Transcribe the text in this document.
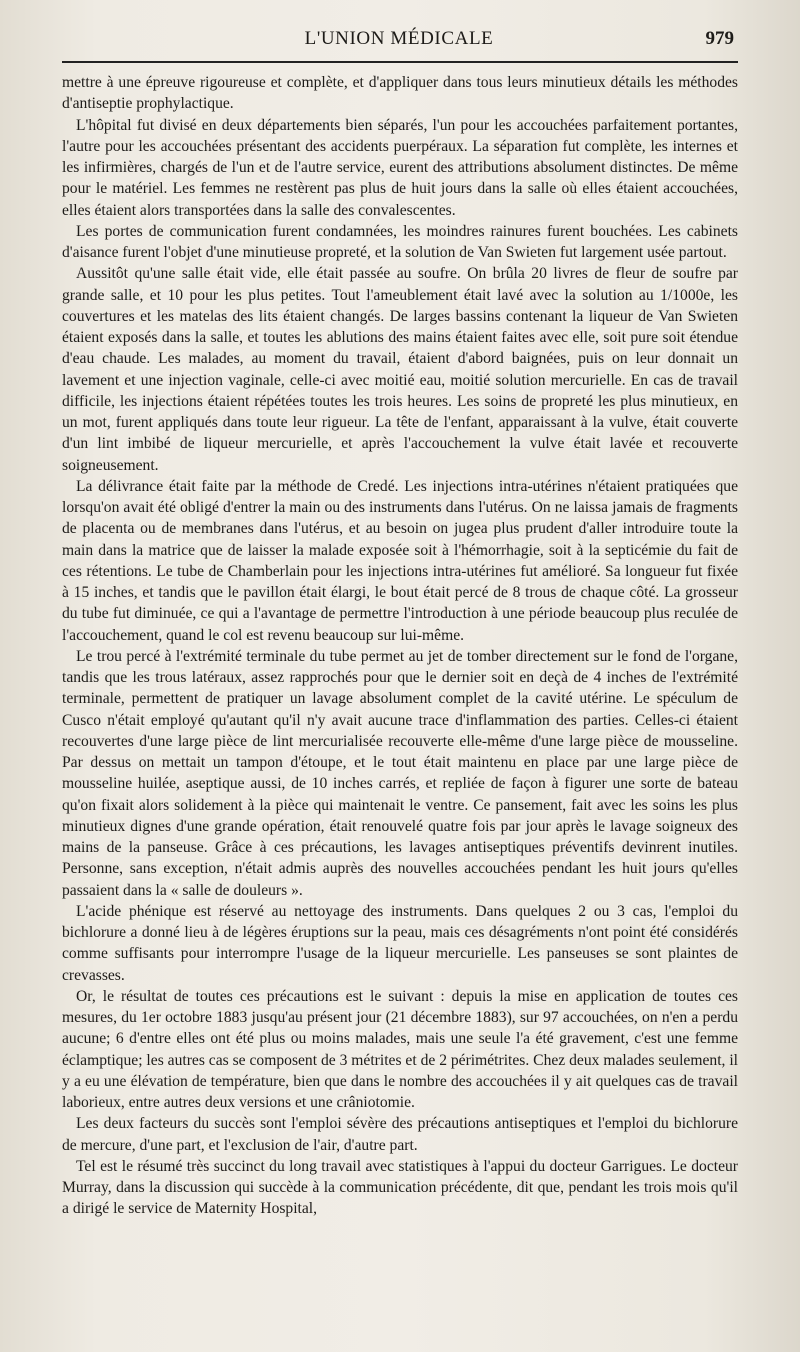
L'UNION MÉDICALE	979

mettre à une épreuve rigoureuse et complète, et d'appliquer dans tous leurs minutieux détails les méthodes d'antiseptie prophylactique.

L'hôpital fut divisé en deux départements bien séparés, l'un pour les accouchées parfaitement portantes, l'autre pour les accouchées présentant des accidents puerpéraux. La séparation fut complète, les internes et les infirmières, chargés de l'un et de l'autre service, eurent des attributions absolument distinctes. De même pour le matériel. Les femmes ne restèrent pas plus de huit jours dans la salle où elles étaient accouchées, elles étaient alors transportées dans la salle des convalescentes.

Les portes de communication furent condamnées, les moindres rainures furent bouchées. Les cabinets d'aisance furent l'objet d'une minutieuse propreté, et la solution de Van Swieten fut largement usée partout.

Aussitôt qu'une salle était vide, elle était passée au soufre. On brûla 20 livres de fleur de soufre par grande salle, et 10 pour les plus petites. Tout l'ameublement était lavé avec la solution au 1/1000e, les couvertures et les matelas des lits étaient changés. De larges bassins contenant la liqueur de Van Swieten étaient exposés dans la salle, et toutes les ablutions des mains étaient faites avec elle, soit pure soit étendue d'eau chaude. Les malades, au moment du travail, étaient d'abord baignées, puis on leur donnait un lavement et une injection vaginale, celle-ci avec moitié eau, moitié solution mercurielle. En cas de travail difficile, les injections étaient répétées toutes les trois heures. Les soins de propreté les plus minutieux, en un mot, furent appliqués dans toute leur rigueur. La tête de l'enfant, apparaissant à la vulve, était couverte d'un lint imbibé de liqueur mercurielle, et après l'accouchement la vulve était lavée et recouverte soigneusement.

La délivrance était faite par la méthode de Credé. Les injections intra-utérines n'étaient pratiquées que lorsqu'on avait été obligé d'entrer la main ou des instruments dans l'utérus. On ne laissa jamais de fragments de placenta ou de membranes dans l'utérus, et au besoin on jugea plus prudent d'aller introduire toute la main dans la matrice que de laisser la malade exposée soit à l'hémorrhagie, soit à la septicémie du fait de ces rétentions. Le tube de Chamberlain pour les injections intra-utérines fut amélioré. Sa longueur fut fixée à 15 inches, et tandis que le pavillon était élargi, le bout était percé de 8 trous de chaque côté. La grosseur du tube fut diminuée, ce qui a l'avantage de permettre l'introduction à une période beaucoup plus reculée de l'accouchement, quand le col est revenu beaucoup sur lui-même.

Le trou percé à l'extrémité terminale du tube permet au jet de tomber directement sur le fond de l'organe, tandis que les trous latéraux, assez rapprochés pour que le dernier soit en deçà de 4 inches de l'extrémité terminale, permettent de pratiquer un lavage absolument complet de la cavité utérine. Le spéculum de Cusco n'était employé qu'autant qu'il n'y avait aucune trace d'inflammation des parties. Celles-ci étaient recouvertes d'une large pièce de lint mercurialisée recouverte elle-même d'une large pièce de mousseline. Par dessus on mettait un tampon d'étoupe, et le tout était maintenu en place par une large pièce de mousseline huilée, aseptique aussi, de 10 inches carrés, et repliée de façon à figurer une sorte de bateau qu'on fixait alors solidement à la pièce qui maintenait le ventre. Ce pansement, fait avec les soins les plus minutieux dignes d'une grande opération, était renouvelé quatre fois par jour après le lavage soigneux des mains de la panseuse. Grâce à ces précautions, les lavages antiseptiques préventifs devinrent inutiles. Personne, sans exception, n'était admis auprès des nouvelles accouchées pendant les huit jours qu'elles passaient dans la « salle de douleurs ».

L'acide phénique est réservé au nettoyage des instruments. Dans quelques 2 ou 3 cas, l'emploi du bichlorure a donné lieu à de légères éruptions sur la peau, mais ces désagréments n'ont point été considérés comme suffisants pour interrompre l'usage de la liqueur mercurielle. Les panseuses se sont plaintes de crevasses.

Or, le résultat de toutes ces précautions est le suivant : depuis la mise en application de toutes ces mesures, du 1er octobre 1883 jusqu'au présent jour (21 décembre 1883), sur 97 accouchées, on n'en a perdu aucune; 6 d'entre elles ont été plus ou moins malades, mais une seule l'a été gravement, c'est une femme éclamptique; les autres cas se composent de 3 métrites et de 2 périmétrites. Chez deux malades seulement, il y a eu une élévation de température, bien que dans le nombre des accouchées il y ait quelques cas de travail laborieux, entre autres deux versions et une crâniotomie.

Les deux facteurs du succès sont l'emploi sévère des précautions antiseptiques et l'emploi du bichlorure de mercure, d'une part, et l'exclusion de l'air, d'autre part.

Tel est le résumé très succinct du long travail avec statistiques à l'appui du docteur Garrigues. Le docteur Murray, dans la discussion qui succède à la communication précédente, dit que, pendant les trois mois qu'il a dirigé le service de Maternity Hospital,
